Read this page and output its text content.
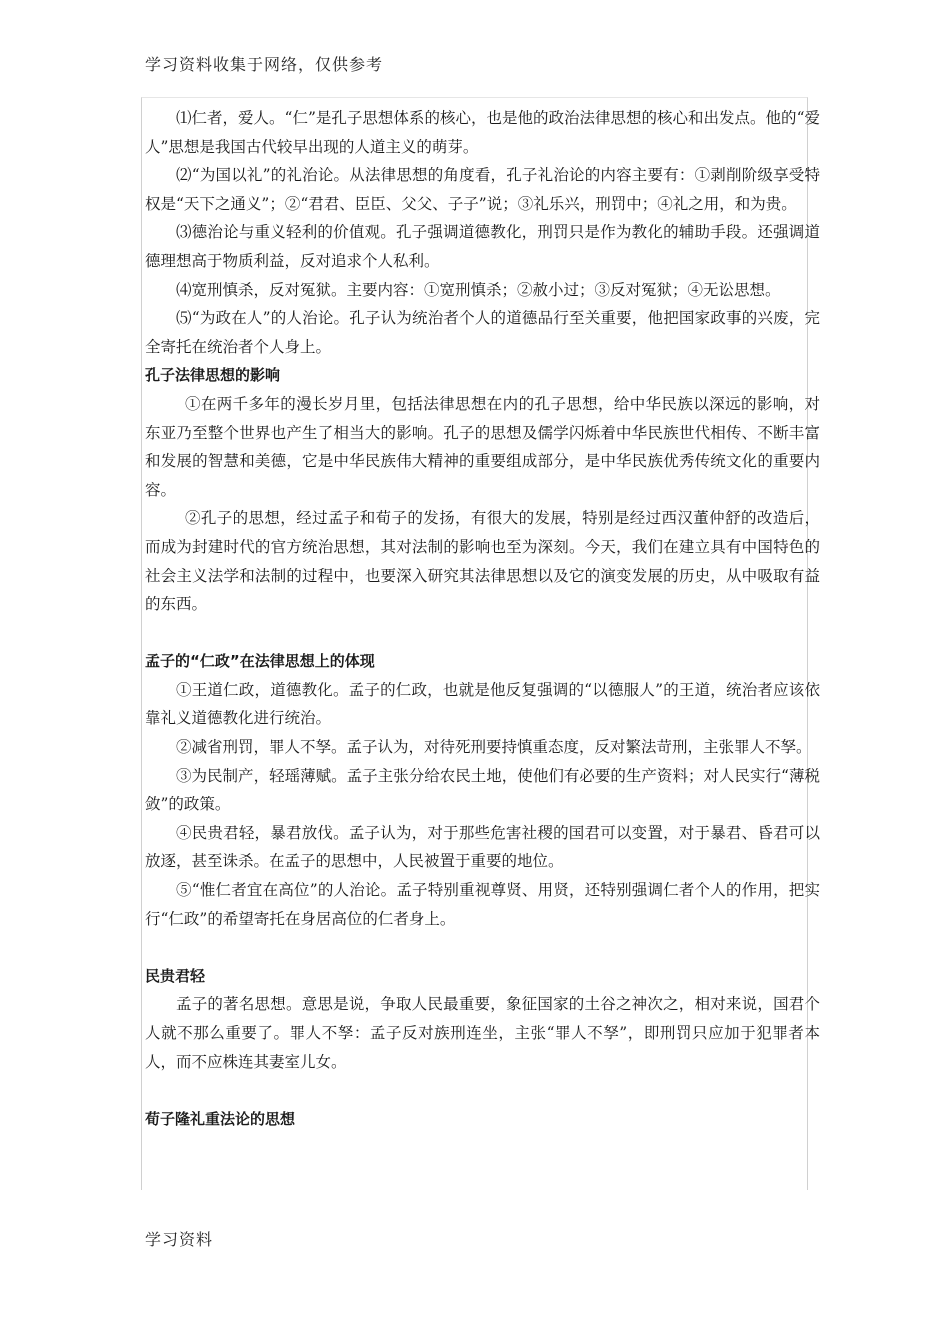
学习资料收集于网络，仅供参考

⑴仁者，爱人。“仁”是孔子思想体系的核心，也是他的政治法律思想的核心和出发点。他的“爱人”思想是我国古代较早出现的人道主义的萌芽。

⑵“为国以礼”的礼治论。从法律思想的角度看，孔子礼治论的内容主要有：①剥削阶级享受特权是“天下之通义”；②“君君、臣臣、父父、子子”说；③礼乐兴，刑罚中；④礼之用，和为贵。

⑶德治论与重义轻利的价值观。孔子强调道德教化，刑罚只是作为教化的辅助手段。还强调道德理想高于物质利益，反对追求个人私利。

⑷宽刑慎杀，反对冤狱。主要内容：①宽刑慎杀；②赦小过；③反对冤狱；④无讼思想。

⑸“为政在人”的人治论。孔子认为统治者个人的道德品行至关重要，他把国家政事的兴废，完全寄托在统治者个人身上。

孔子法律思想的影响

①在两千多年的漫长岁月里，包括法律思想在内的孔子思想，给中华民族以深远的影响，对东亚乃至整个世界也产生了相当大的影响。孔子的思想及儒学闪烁着中华民族世代相传、不断丰富和发展的智慧和美德，它是中华民族伟大精神的重要组成部分，是中华民族优秀传统文化的重要内容。

②孔子的思想，经过孟子和荀子的发扬，有很大的发展，特别是经过西汉董仲舒的改造后，而成为封建时代的官方统治思想，其对法制的影响也至为深刻。今天，我们在建立具有中国特色的社会主义法学和法制的过程中，也要深入研究其法律思想以及它的演变发展的历史，从中吸取有益的东西。

孟子的“仁政”在法律思想上的体现

①王道仁政，道德教化。孟子的仁政，也就是他反复强调的“以德服人”的王道，统治者应该依靠礼义道德教化进行统治。

②减省刑罚，罪人不孥。孟子认为，对待死刑要持慎重态度，反对繁法苛刑，主张罪人不孥。

③为民制产，轻瑶薄赋。孟子主张分给农民土地，使他们有必要的生产资料；对人民实行“薄税敛”的政策。

④民贵君轻，暴君放伐。孟子认为，对于那些危害社稷的国君可以变置，对于暴君、昏君可以放逐，甚至诛杀。在孟子的思想中，人民被置于重要的地位。

⑤“惟仁者宜在高位”的人治论。孟子特别重视尊贤、用贤，还特别强调仁者个人的作用，把实行“仁政”的希望寄托在身居高位的仁者身上。

民贵君轻

孟子的著名思想。意思是说，争取人民最重要，象征国家的土谷之神次之，相对来说，国君个人就不那么重要了。罪人不孥：孟子反对族刑连坐，主张“罪人不孥”，即刑罚只应加于犯罪者本人，而不应株连其妻室儿女。

荀子隆礼重法论的思想

学习资料
